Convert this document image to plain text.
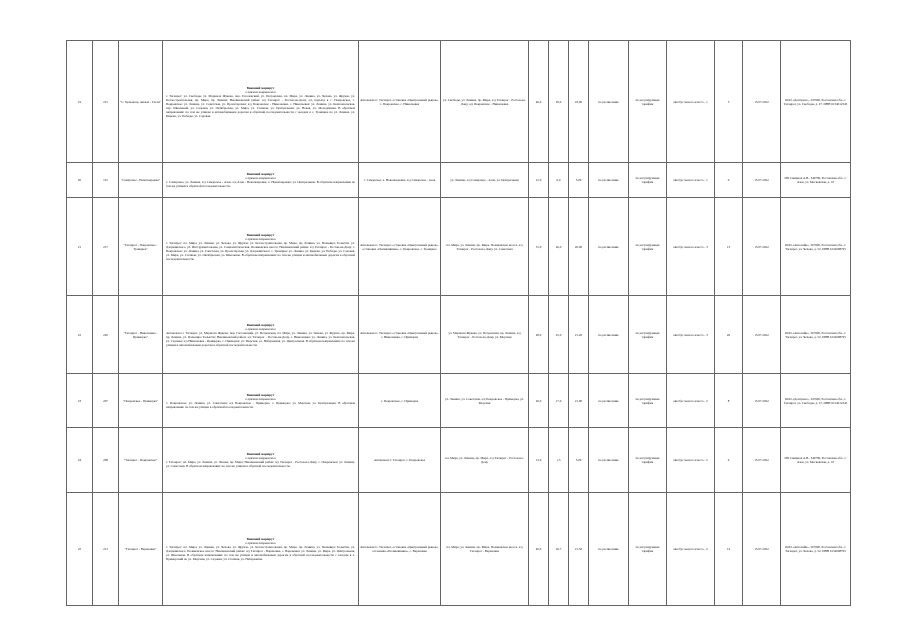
19	215	"С. Цельнопр. жилых - Таган"	Внешний маршрут
в прямом направлении
г. Таганрог: ул. Свободы, ул. Маршала Жукова, пер. Гоголевский, ул. Петровская, пл. Мира, ул. Ленина, ул. Чехова, ул. Фрунзе, ул. Котлостроительная, пр. Мира, пр. Ленина; Неклиновский район: а/д Таганрог - Ростов-на-Дону, а/д подъезд к с. Покровское, с. Покровское: ул. Ленина, ул. Советская, ул. Пролетарская; а/д Покровское - Николаевка, с. Николаевка: ул. Ленина, ул. Комсомольская, пер. Школьный, ул. Садовая, ул. Октябрьская, ул. Мира, ул. Степная, ул. Центральная, ул. Новая, ул. Молодёжная. В обратном направлении: по тем же улицам и автомобильным дорогам в обратной последовательности с заездом в с. Троицкое по ул. Ленина, ул. Кирова, ул. Победы, ул. Садовая.	Автовокзал г. Таганрог, остановка «Центральный рынок», с. Покровское, с. Николаевка	ул. Свободы, ул. Ленина, пр. Мира, а/д Таганрог - Ростов-на-Дону, а/д Покровское - Николаевка	46,0	29,0	22,00	по расписанию	по регулируемым тарифам	автобус малого класса - 1	5	15.07.2022	ООО «Донтранс», 347900, Ростовская обл., г. Таганрог, ул. Свободы, д. 27, ИНН 6154012345
20	101	"Самарское - Новопокровка"	Внешний маршрут
в прямом направлении
с. Самарское, ул. Ленина, а/д Самарское - Азов, а/д Азов - Новопокровка, х. Новопокровка: ул. Центральная. В обратном направлении по тем же улицам в обратной последовательности.	с. Самарское, х. Новопокровка, а/д Самарское - Азов	ул. Ленина, а/д Самарское - Азов, ул. Центральная	12,0	6,0	5,00	по расписанию	по регулируемым тарифам	автобус малого класса - 1	0	15.07.2022	ИП Смирнов А.В., 346780, Ростовская обл., г. Азов, ул. Московская, д. 10
21	217	"Таганрог - Покровское - Троицкое"	Внешний маршрут
в прямом направлении
г. Таганрог: пл. Мира, ул. Ленина, ул. Чехова, ул. Фрунзе, ул. Котлостроительная, пр. Мира, пр. Ленина, ул. Пальмиро Тольятти, ул. Дзержинского, ул. Инструментальная, ул. Социалистическая, Поляковское шоссе; Неклиновский район: а/д Таганрог - Ростов-на-Дону, с. Покровское: ул. Ленина, ул. Советская, ул. Пролетарская, ул. Дзержинского; с. Троицкое: ул. Ленина, ул. Кирова, ул. Победы, ул. Садовая, ул. Мира, ул. Степная, ул. Октябрьская, ул. Школьная. В обратном направлении: по тем же улицам и автомобильным дорогам в обратной последовательности.	Автовокзал г. Таганрог, остановка «Центральный рынок», остановка «Поликлиника», с. Покровское, с. Троицкое	пл. Мира, ул. Ленина, пр. Мира, Поляковское шоссе, а/д Таганрог - Ростов-на-Дону, ул. Советская	31,0	26,0	20,00	по расписанию	по регулируемым тарифам	автобус малого класса - 3	13	15.07.2022	ООО «Автолайн», 347900, Ростовская обл., г. Таганрог, ул. Чехова, д. 52, ИНН 6154098765
22	220	"Таганрог - Николаевка - Приморка"	Внешний маршрут
в прямом направлении
Автовокзал г. Таганрог, ул. Маршала Жукова, пер. Гоголевский, ул. Петровская, пл. Мира, ул. Ленина, ул. Чехова, ул. Фрунзе, пр. Мира, пр. Ленина, ул. Пальмиро Тольятти; Неклиновский район: а/д Таганрог - Ростов-на-Дону, с. Николаевка: ул. Ленина, ул. Комсомольская, ул. Садовая; а/д Николаевка - Приморка, с. Приморка: ул. Морская, ул. Набережная, ул. Центральная. В обратном направлении: по тем же улицам и автомобильным дорогам в обратной последовательности.	Автовокзал г. Таганрог, остановка «Центральный рынок», с. Николаевка, с. Приморка	ул. Маршала Жукова, ул. Петровская, пр. Ленина, а/д Таганрог - Ростов-на-Дону, ул. Морская	28,0	25,0	21,20	по расписанию	по регулируемым тарифам	автобус малого класса - 3	26	15.07.2022	ООО «Автолайн», 347900, Ростовская обл., г. Таганрог, ул. Чехова, д. 52, ИНН 6154098765
23	207	"Покровское - Приморка"	Внешний маршрут
в прямом направлении
с. Покровское: ул. Ленина, ул. Советская; а/д Покровское - Приморка, с. Приморка: ул. Морская, ул. Центральная. В обратном направлении: по тем же улицам в обратной последовательности.	с. Покровское, с. Приморка	ул. Ленина, ул. Советская, а/д Покровское - Приморка, ул. Морская	26,0	17,0	21,00	по расписанию	по регулируемым тарифам	автобус малого класса - 2	8	15.07.2022	ООО «Донтранс», 347900, Ростовская обл., г. Таганрог, ул. Свободы, д. 27, ИНН 6154012345
24	208	"Таганрог - Покровское"	Внешний маршрут
в прямом направлении
г. Таганрог: пл. Мира, ул. Ленина, ул. Чехова, пр. Мира; Неклиновский район: а/д Таганрог - Ростов-на-Дону, с. Покровское: ул. Ленина, ул. Советская. В обратном направлении: по тем же улицам в обратной последовательности.	Автовокзал г. Таганрог, с. Покровское	пл. Мира, ул. Ленина, пр. Мира, а/д Таганрог - Ростов-на-Дону	13,0	1,5	5,00	по расписанию	по регулируемым тарифам	автобус малого класса - 2	4	15.07.2022	ИП Смирнов А.В., 346780, Ростовская обл., г. Азов, ул. Московская, д. 10
25	213	"Таганрог - Вареновка"	Внешний маршрут
в прямом направлении
г. Таганрог: пл. Мира, ул. Ленина, ул. Чехова, ул. Фрунзе, ул. Котлостроительная, пр. Мира, пр. Ленина, ул. Пальмиро Тольятти, ул. Дзержинского, Поляковское шоссе; Неклиновский район: а/д Таганрог - Вареновка, с. Вареновка: ул. Ленина, ул. Мира, ул. Центральная, ул. Школьная. В обратном направлении: по тем же улицам и автомобильным дорогам в обратной последовательности с заездом в х. Приморский по ул. Морская, ул. Садовая, ул. Степная, ул. Набережная.	Автовокзал г. Таганрог, остановка «Центральный рынок», остановка «Поликлиника», с. Вареновка	пл. Мира, ул. Ленина, пр. Мира, Поляковское шоссе, а/д Таганрог - Вареновка	40,0	26,7	21,50	по расписанию	по регулируемым тарифам	автобус малого класса - 2	14	15.07.2022	ООО «Автолайн», 347900, Ростовская обл., г. Таганрог, ул. Чехова, д. 52, ИНН 6154098765
